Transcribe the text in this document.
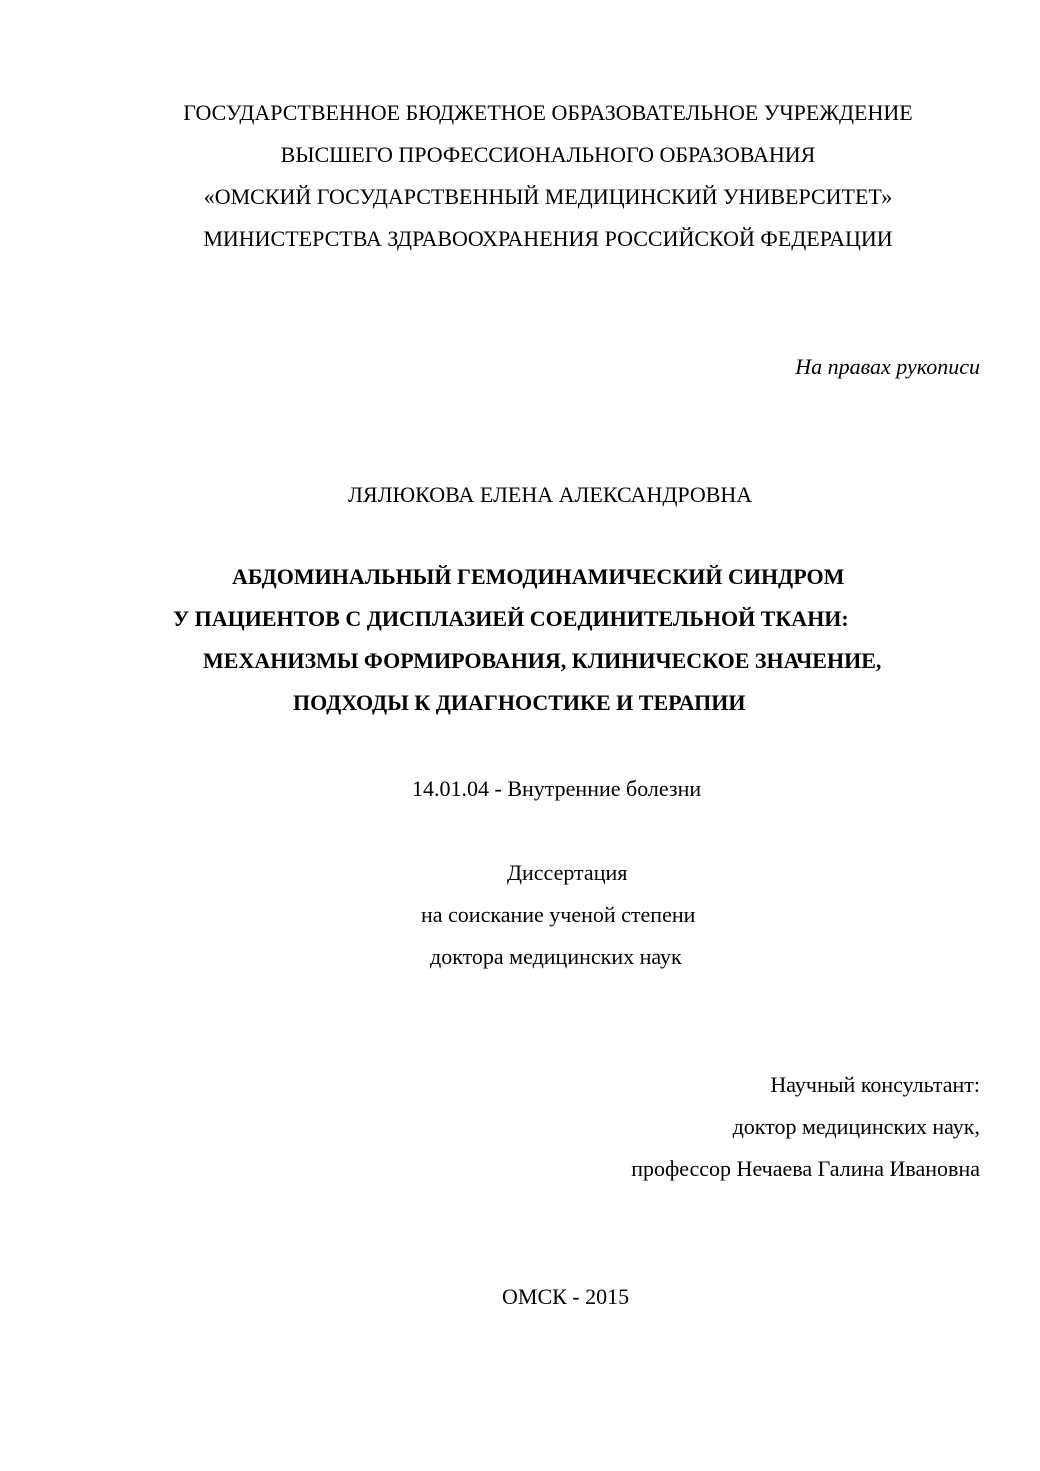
ГОСУДАРСТВЕННОЕ БЮДЖЕТНОЕ ОБРАЗОВАТЕЛЬНОЕ УЧРЕЖДЕНИЕ
ВЫСШЕГО ПРОФЕССИОНАЛЬНОГО ОБРАЗОВАНИЯ
«ОМСКИЙ ГОСУДАРСТВЕННЫЙ МЕДИЦИНСКИЙ УНИВЕРСИТЕТ»
МИНИСТЕРСТВА ЗДРАВООХРАНЕНИЯ РОССИЙСКОЙ ФЕДЕРАЦИИ
На правах рукописи
ЛЯЛЮКОВА ЕЛЕНА АЛЕКСАНДРОВНА
АБДОМИНАЛЬНЫЙ ГЕМОДИНАМИЧЕСКИЙ СИНДРОМ
У ПАЦИЕНТОВ С ДИСПЛАЗИЕЙ СОЕДИНИТЕЛЬНОЙ ТКАНИ:
МЕХАНИЗМЫ ФОРМИРОВАНИЯ, КЛИНИЧЕСКОЕ ЗНАЧЕНИЕ,
ПОДХОДЫ К ДИАГНОСТИКЕ И ТЕРАПИИ
14.01.04 - Внутренние болезни
Диссертация
на соискание ученой степени
доктора медицинских наук
Научный консультант:
доктор медицинских наук,
профессор Нечаева Галина Ивановна
ОМСК - 2015
